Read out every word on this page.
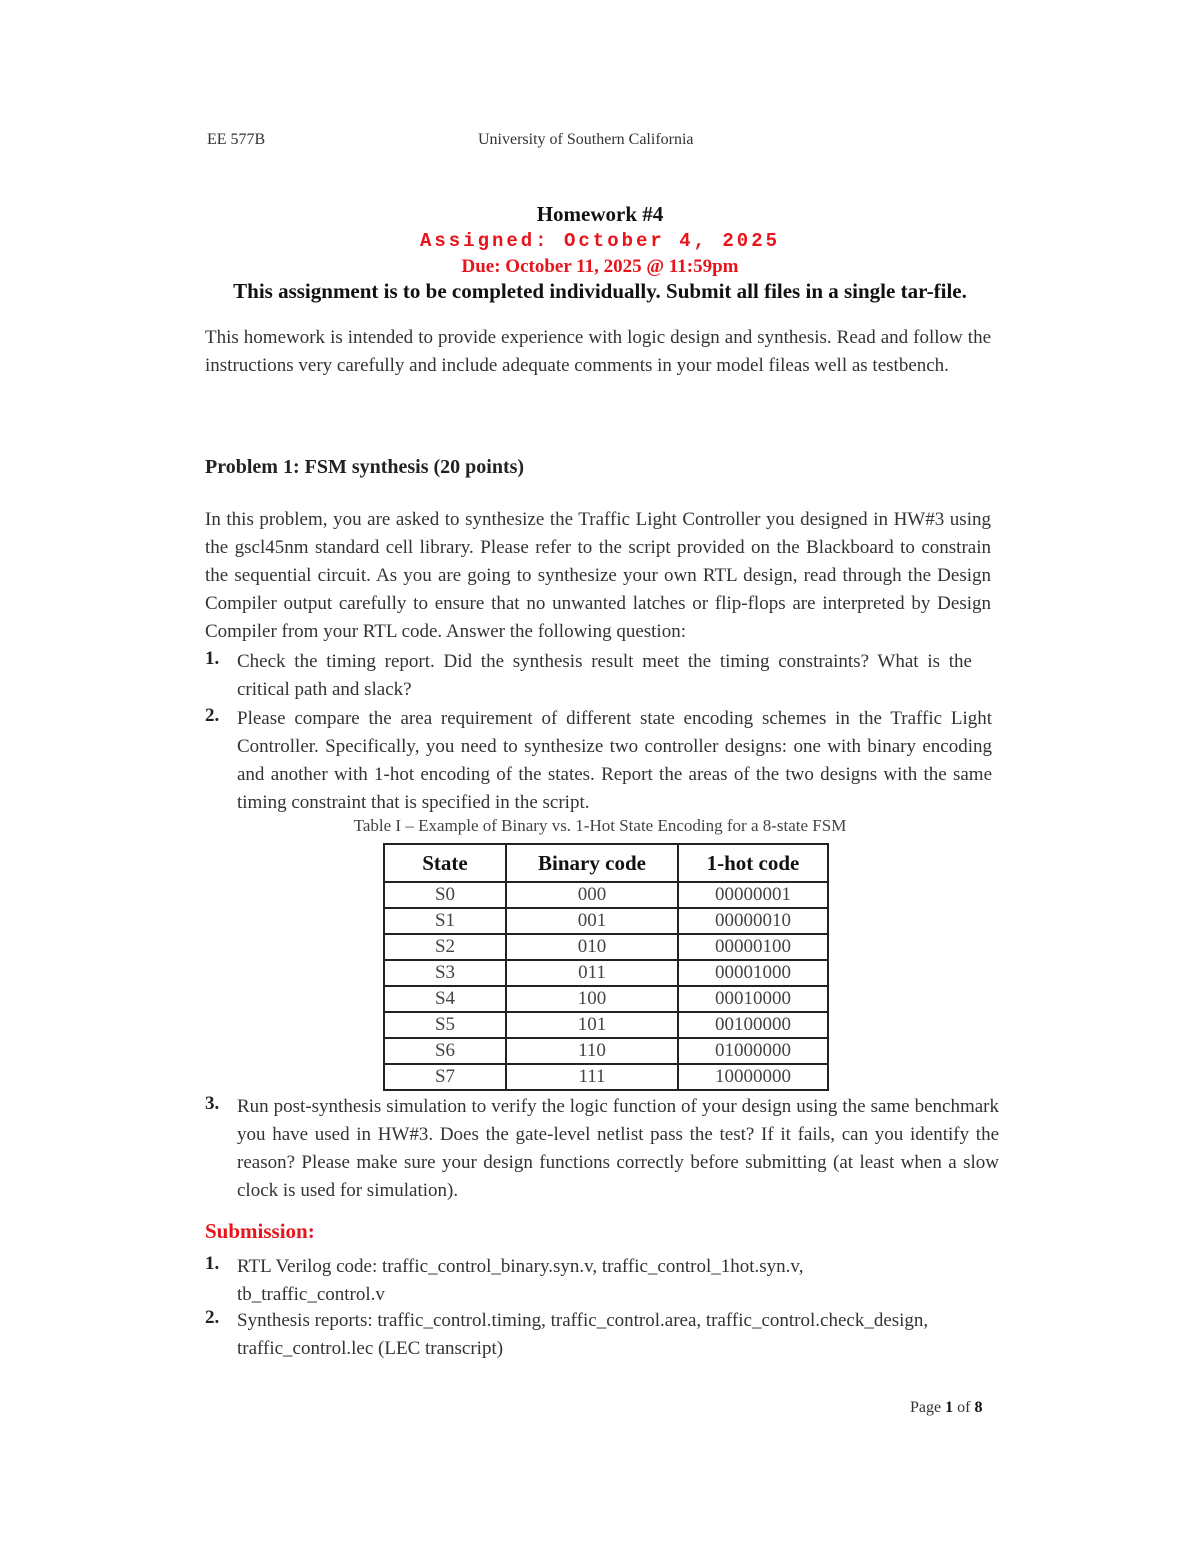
EE 577B	University of Southern California
Homework #4
Assigned: October 4, 2025
Due: October 11, 2025 @ 11:59pm
This assignment is to be completed individually. Submit all files in a single tar-file.
This homework is intended to provide experience with logic design and synthesis. Read and follow the instructions very carefully and include adequate comments in your model fileas well as testbench.
Problem 1: FSM synthesis (20 points)
In this problem, you are asked to synthesize the Traffic Light Controller you designed in HW#3 using the gscl45nm standard cell library. Please refer to the script provided on the Blackboard to constrain the sequential circuit. As you are going to synthesize your own RTL design, read through the Design Compiler output carefully to ensure that no unwanted latches or flip-flops are interpreted by Design Compiler from your RTL code. Answer the following question:
1. Check the timing report. Did the synthesis result meet the timing constraints? What is the critical path and slack?
2. Please compare the area requirement of different state encoding schemes in the Traffic Light Controller. Specifically, you need to synthesize two controller designs: one with binary encoding and another with 1-hot encoding of the states. Report the areas of the two designs with the same timing constraint that is specified in the script.
Table I – Example of Binary vs. 1-Hot State Encoding for a 8-state FSM
State	Binary code	1-hot code
S0	000	00000001
S1	001	00000010
S2	010	00000100
S3	011	00001000
S4	100	00010000
S5	101	00100000
S6	110	01000000
S7	111	10000000
3. Run post-synthesis simulation to verify the logic function of your design using the same benchmark you have used in HW#3. Does the gate-level netlist pass the test? If it fails, can you identify the reason? Please make sure your design functions correctly before submitting (at least when a slow clock is used for simulation).
Submission:
1. RTL Verilog code: traffic_control_binary.syn.v, traffic_control_1hot.syn.v, tb_traffic_control.v
2. Synthesis reports: traffic_control.timing, traffic_control.area, traffic_control.check_design, traffic_control.lec (LEC transcript)
Page 1 of 8
